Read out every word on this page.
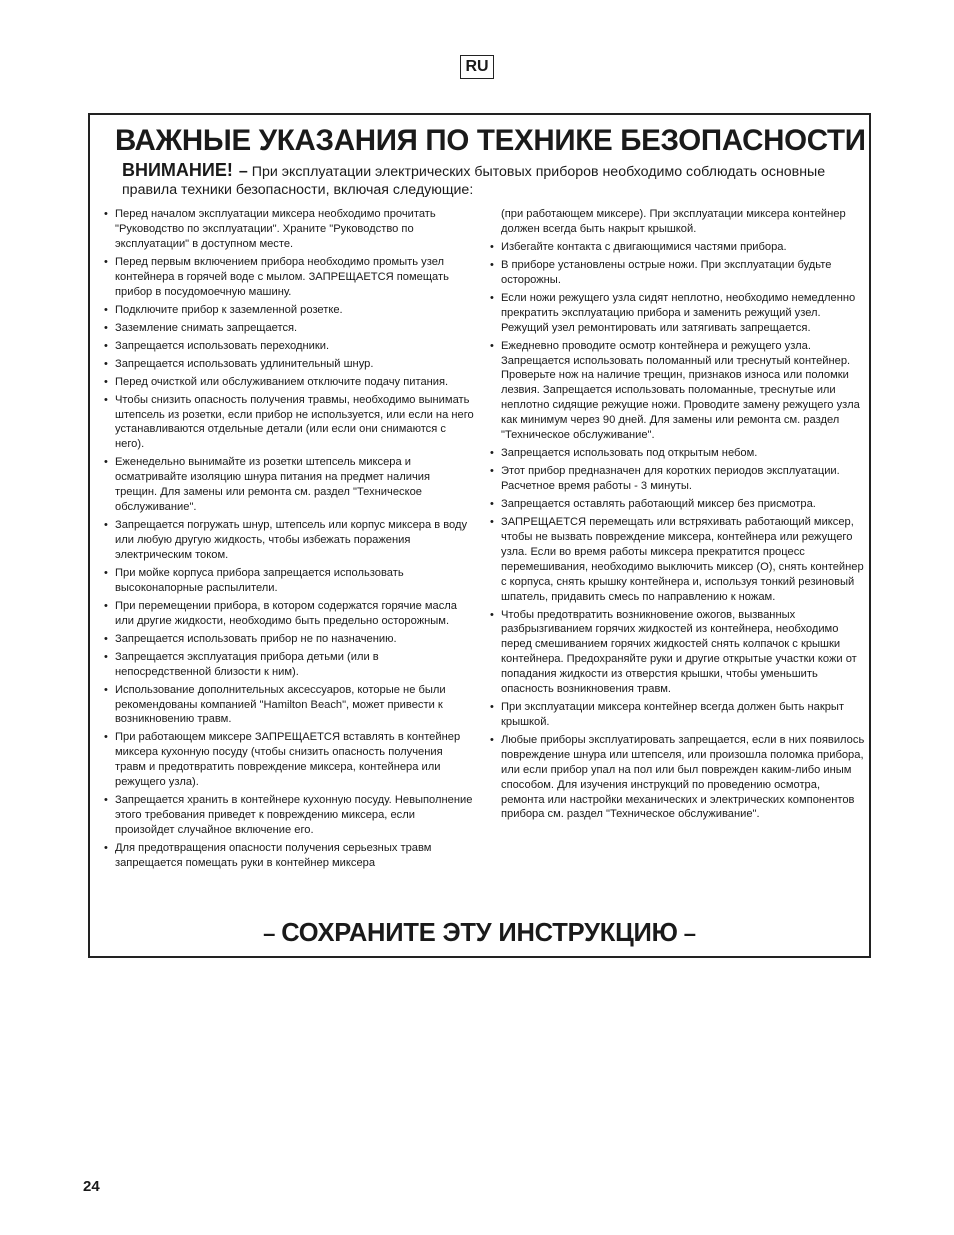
RU
ВАЖНЫЕ УКАЗАНИЯ ПО ТЕХНИКЕ БЕЗОПАСНОСТИ
ВНИМАНИЕ! – При эксплуатации электрических бытовых приборов необходимо соблюдать основные правила техники безопасности, включая следующие:
• Перед началом эксплуатации миксера необходимо прочитать "Руководство по эксплуатации". Храните "Руководство по эксплуатации" в доступном месте.
• Перед первым включением прибора необходимо промыть узел контейнера в горячей воде с мылом. ЗАПРЕЩАЕТСЯ помещать прибор в посудомоечную машину.
• Подключите прибор к заземленной розетке.
• Заземление снимать запрещается.
• Запрещается использовать переходники.
• Запрещается использовать удлинительный шнур.
• Перед очисткой или обслуживанием отключите подачу питания.
• Чтобы снизить опасность получения травмы, необходимо вынимать штепсель из розетки, если прибор не используется, или если на него устанавливаются отдельные детали (или если они снимаются с него).
• Еженедельно вынимайте из розетки штепсель миксера и осматривайте изоляцию шнура питания на предмет наличия трещин. Для замены или ремонта см. раздел "Техническое обслуживание".
• Запрещается погружать шнур, штепсель или корпус миксера в воду или любую другую жидкость, чтобы избежать поражения электрическим током.
• При мойке корпуса прибора запрещается использовать высоконапорные распылители.
• При перемещении прибора, в котором содержатся горячие масла или другие жидкости, необходимо быть предельно осторожным.
• Запрещается использовать прибор не по назначению.
• Запрещается эксплуатация прибора детьми (или в непосредственной близости к ним).
• Использование дополнительных аксессуаров, которые не были рекомендованы компанией "Hamilton Beach", может привести к возникновению травм.
• При работающем миксере ЗАПРЕЩАЕТСЯ вставлять в контейнер миксера кухонную посуду (чтобы снизить опасность получения травм и предотвратить повреждение миксера, контейнера или режущего узла).
• Запрещается хранить в контейнере кухонную посуду. Невыполнение этого требования приведет к повреждению миксера, если произойдет случайное включение его.
• Для предотвращения опасности получения серьезных травм запрещается помещать руки в контейнер миксера
(при работающем миксере). При эксплуатации миксера контейнер должен всегда быть накрыт крышкой.
• Избегайте контакта с двигающимися частями прибора.
• В приборе установлены острые ножи. При эксплуатации будьте осторожны.
• Если ножи режущего узла сидят неплотно, необходимо немедленно прекратить эксплуатацию прибора и заменить режущий узел. Режущий узел ремонтировать или затягивать запрещается.
• Ежедневно проводите осмотр контейнера и режущего узла. Запрещается использовать поломанный или треснутый контейнер. Проверьте нож на наличие трещин, признаков износа или поломки лезвия. Запрещается использовать поломанные, треснутые или неплотно сидящие режущие ножи. Проводите замену режущего узла как минимум через 90 дней. Для замены или ремонта см. раздел "Техническое обслуживание".
• Запрещается использовать под открытым небом.
• Этот прибор предназначен для коротких периодов эксплуатации. Расчетное время работы - 3 минуты.
• Запрещается оставлять работающий миксер без присмотра.
• ЗАПРЕЩАЕТСЯ перемещать или встряхивать работающий миксер, чтобы не вызвать повреждение миксера, контейнера или режущего узла. Если во время работы миксера прекратится процесс перемешивания, необходимо выключить миксер (O), снять контейнер с корпуса, снять крышку контейнера и, используя тонкий резиновый шпатель, придавить смесь по направлению к ножам.
• Чтобы предотвратить возникновение ожогов, вызванных разбрызгиванием горячих жидкостей из контейнера, необходимо перед смешиванием горячих жидкостей снять колпачок с крышки контейнера. Предохраняйте руки и другие открытые участки кожи от попадания жидкости из отверстия крышки, чтобы уменьшить опасность возникновения травм.
• При эксплуатации миксера контейнер всегда должен быть накрыт крышкой.
• Любые приборы эксплуатировать запрещается, если в них появилось повреждение шнура или штепселя, или произошла поломка прибора, или если прибор упал на пол или был поврежден каким-либо иным способом. Для изучения инструкций по проведению осмотра, ремонта или настройки механических и электрических компонентов прибора см. раздел "Техническое обслуживание".
– СОХРАНИТЕ ЭТУ ИНСТРУКЦИЮ –
24
